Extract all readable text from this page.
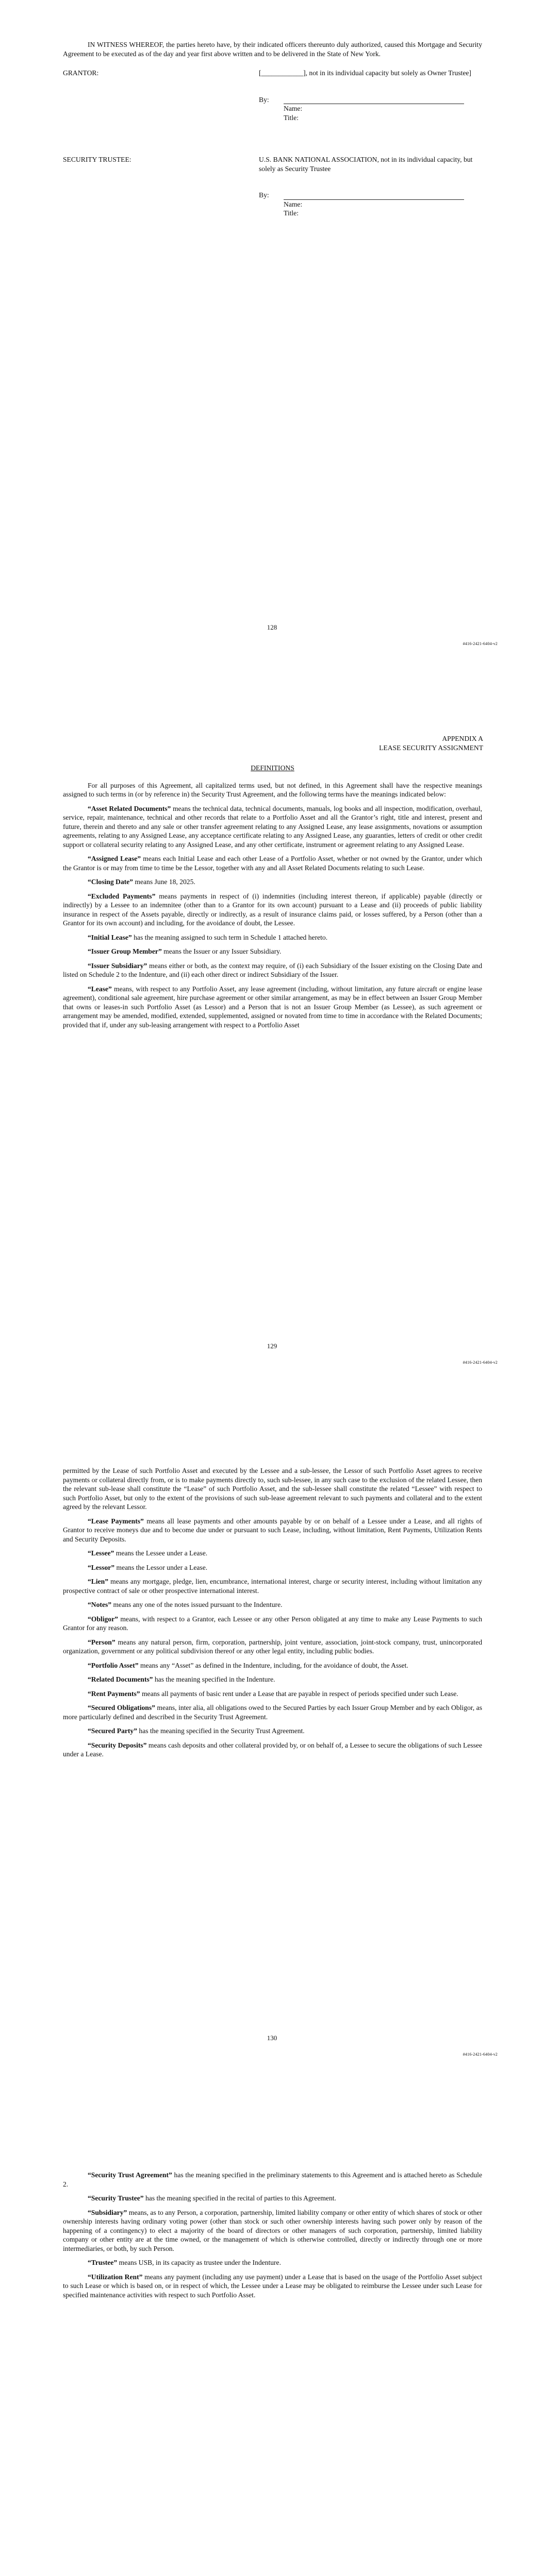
IN WITNESS WHEREOF, the parties hereto have, by their indicated officers thereunto duly authorized, caused this Mortgage and Security Agreement to be executed as of the day and year first above written and to be delivered in the State of New York.

GRANTOR:	[____________], not in its individual capacity but solely as Owner Trustee]
By:
Name:
Title:
SECURITY TRUSTEE:	U.S. BANK NATIONAL ASSOCIATION, not in its individual capacity, but solely as Security Trustee
By:
Name:
Title:
128
#416-2421-6404-v2
APPENDIX A
LEASE SECURITY ASSIGNMENT
DEFINITIONS

For all purposes of this Agreement, all capitalized terms used, but not defined, in this Agreement shall have the respective meanings assigned to such terms in (or by reference in) the Security Trust Agreement, and the following terms have the meanings indicated below:

“Asset Related Documents” means the technical data, technical documents, manuals, log books and all inspection, modification, overhaul, service, repair, maintenance, technical and other records that relate to a Portfolio Asset and all the Grantor’s right, title and interest, present and future, therein and thereto and any sale or other transfer agreement relating to any Assigned Lease, any lease assignments, novations or assumption agreements, relating to any Assigned Lease, any acceptance certificate relating to any Assigned Lease, any guaranties, letters of credit or other credit support or collateral security relating to any Assigned Lease, and any other certificate, instrument or agreement relating to any Assigned Lease.

“Assigned Lease” means each Initial Lease and each other Lease of a Portfolio Asset, whether or not owned by the Grantor, under which the Grantor is or may from time to time be the Lessor, together with any and all Asset Related Documents relating to such Lease.

“Closing Date” means June 18, 2025.

“Excluded Payments” means payments in respect of (i) indemnities (including interest thereon, if applicable) payable (directly or indirectly) by a Lessee to an indemnitee (other than to a Grantor for its own account) pursuant to a Lease and (ii) proceeds of public liability insurance in respect of the Assets payable, directly or indirectly, as a result of insurance claims paid, or losses suffered, by a Person (other than a Grantor for its own account) and including, for the avoidance of doubt, the Lessee.

“Initial Lease” has the meaning assigned to such term in Schedule 1 attached hereto.

“Issuer Group Member” means the Issuer or any Issuer Subsidiary.

“Issuer Subsidiary” means either or both, as the context may require, of (i) each Subsidiary of the Issuer existing on the Closing Date and listed on Schedule 2 to the Indenture, and (ii) each other direct or indirect Subsidiary of the Issuer.

“Lease” means, with respect to any Portfolio Asset, any lease agreement (including, without limitation, any future aircraft or engine lease agreement), conditional sale agreement, hire purchase agreement or other similar arrangement, as may be in effect between an Issuer Group Member that owns or leases-in such Portfolio Asset (as Lessor) and a Person that is not an Issuer Group Member (as Lessee), as such agreement or arrangement may be amended, modified, extended, supplemented, assigned or novated from time to time in accordance with the Related Documents; provided that if, under any sub-leasing arrangement with respect to a Portfolio Asset

129
#416-2421-6404-v2

permitted by the Lease of such Portfolio Asset and executed by the Lessee and a sub-lessee, the Lessor of such Portfolio Asset agrees to receive payments or collateral directly from, or is to make payments directly to, such sub-lessee, in any such case to the exclusion of the related Lessee, then the relevant sub-lease shall constitute the “Lease” of such Portfolio Asset, and the sub-lessee shall constitute the related “Lessee” with respect to such Portfolio Asset, but only to the extent of the provisions of such sub-lease agreement relevant to such payments and collateral and to the extent agreed by the relevant Lessor.

“Lease Payments” means all lease payments and other amounts payable by or on behalf of a Lessee under a Lease, and all rights of Grantor to receive moneys due and to become due under or pursuant to such Lease, including, without limitation, Rent Payments, Utilization Rents and Security Deposits.

“Lessee” means the Lessee under a Lease.

“Lessor” means the Lessor under a Lease.

“Lien” means any mortgage, pledge, lien, encumbrance, international interest, charge or security interest, including without limitation any prospective contract of sale or other prospective international interest.

“Notes” means any one of the notes issued pursuant to the Indenture.

“Obligor” means, with respect to a Grantor, each Lessee or any other Person obligated at any time to make any Lease Payments to such Grantor for any reason.

“Person” means any natural person, firm, corporation, partnership, joint venture, association, joint-stock company, trust, unincorporated organization, government or any political subdivision thereof or any other legal entity, including public bodies.

“Portfolio Asset” means any “Asset” as defined in the Indenture, including, for the avoidance of doubt, the Asset.

“Related Documents” has the meaning specified in the Indenture.

“Rent Payments” means all payments of basic rent under a Lease that are payable in respect of periods specified under such Lease.

“Secured Obligations” means, inter alia, all obligations owed to the Secured Parties by each Issuer Group Member and by each Obligor, as more particularly defined and described in the Security Trust Agreement.

“Secured Party” has the meaning specified in the Security Trust Agreement.

“Security Deposits” means cash deposits and other collateral provided by, or on behalf of, a Lessee to secure the obligations of such Lessee under a Lease.

130
#416-2421-6404-v2

“Security Trust Agreement” has the meaning specified in the preliminary statements to this Agreement and is attached hereto as Schedule 2.

“Security Trustee” has the meaning specified in the recital of parties to this Agreement.

“Subsidiary” means, as to any Person, a corporation, partnership, limited liability company or other entity of which shares of stock or other ownership interests having ordinary voting power (other than stock or such other ownership interests having such power only by reason of the happening of a contingency) to elect a majority of the board of directors or other managers of such corporation, partnership, limited liability company or other entity are at the time owned, or the management of which is otherwise controlled, directly or indirectly through one or more intermediaries, or both, by such Person.

“Trustee” means USB, in its capacity as trustee under the Indenture.

“Utilization Rent” means any payment (including any use payment) under a Lease that is based on the usage of the Portfolio Asset subject to such Lease or which is based on, or in respect of which, the Lessee under a Lease may be obligated to reimburse the Lessee under such Lease for specified maintenance activities with respect to such Portfolio Asset.
